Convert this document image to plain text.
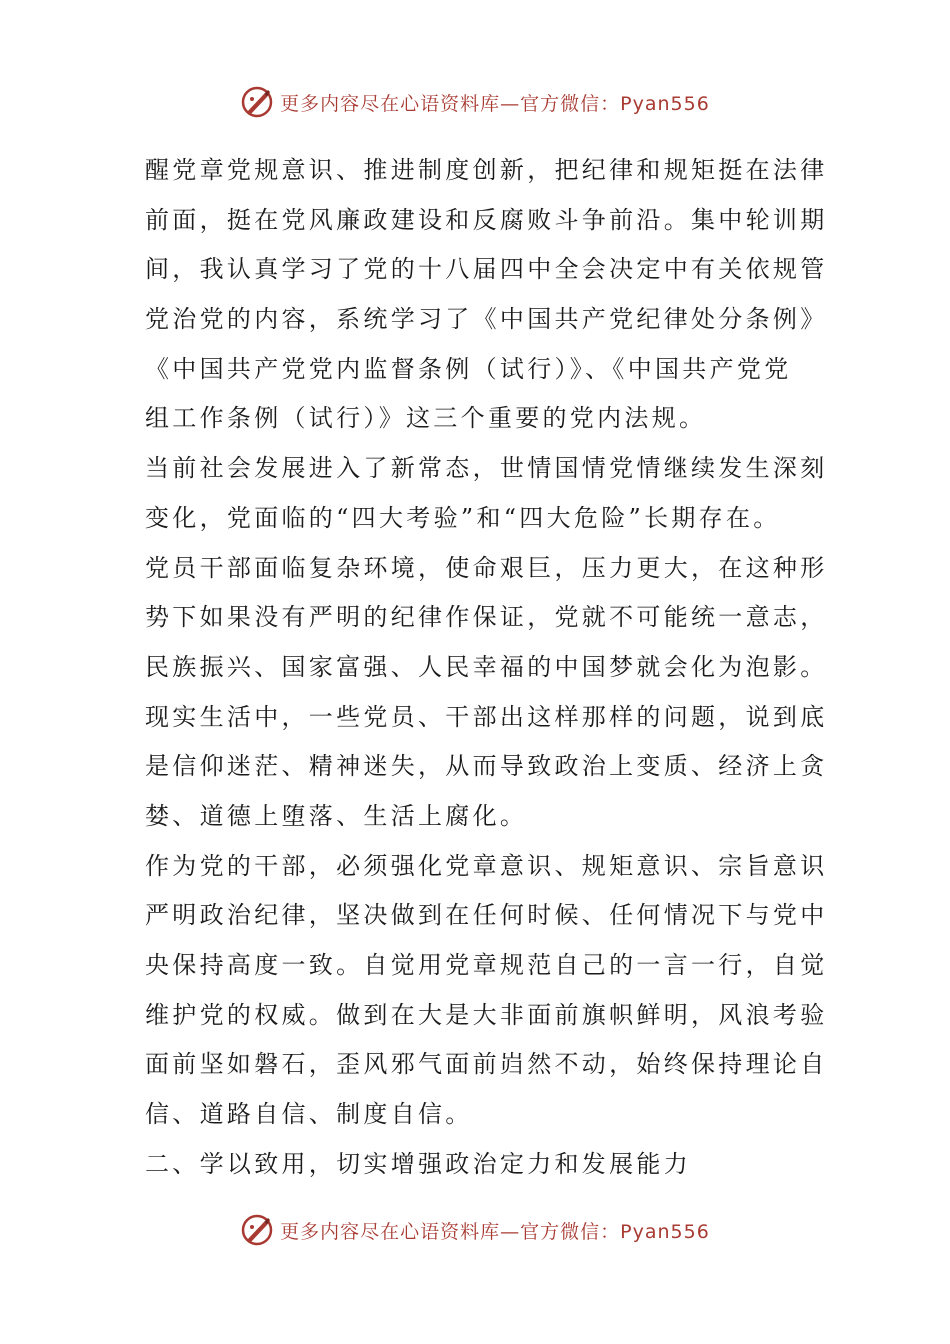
更多内容尽在心语资料库—官方微信：Pyan556
醒党章党规意识、推进制度创新，把纪律和规矩挺在法律
前面，挺在党风廉政建设和反腐败斗争前沿。集中轮训期
间，我认真学习了党的十八届四中全会决定中有关依规管
党治党的内容，系统学习了《中国共产党纪律处分条例》
《中国共产党党内监督条例（试行）》、《中国共产党党
组工作条例（试行）》这三个重要的党内法规。
当前社会发展进入了新常态，世情国情党情继续发生深刻
变化，党面临的“四大考验”和“四大危险”长期存在。
党员干部面临复杂环境，使命艰巨，压力更大，在这种形
势下如果没有严明的纪律作保证，党就不可能统一意志，
民族振兴、国家富强、人民幸福的中国梦就会化为泡影。
现实生活中，一些党员、干部出这样那样的问题，说到底
是信仰迷茫、精神迷失，从而导致政治上变质、经济上贪
婪、道德上堕落、生活上腐化。
作为党的干部，必须强化党章意识、规矩意识、宗旨意识
严明政治纪律，坚决做到在任何时候、任何情况下与党中
央保持高度一致。自觉用党章规范自己的一言一行，自觉
维护党的权威。做到在大是大非面前旗帜鲜明，风浪考验
面前坚如磐石，歪风邪气面前岿然不动，始终保持理论自
信、道路自信、制度自信。
二、学以致用，切实增强政治定力和发展能力
更多内容尽在心语资料库—官方微信：Pyan556
